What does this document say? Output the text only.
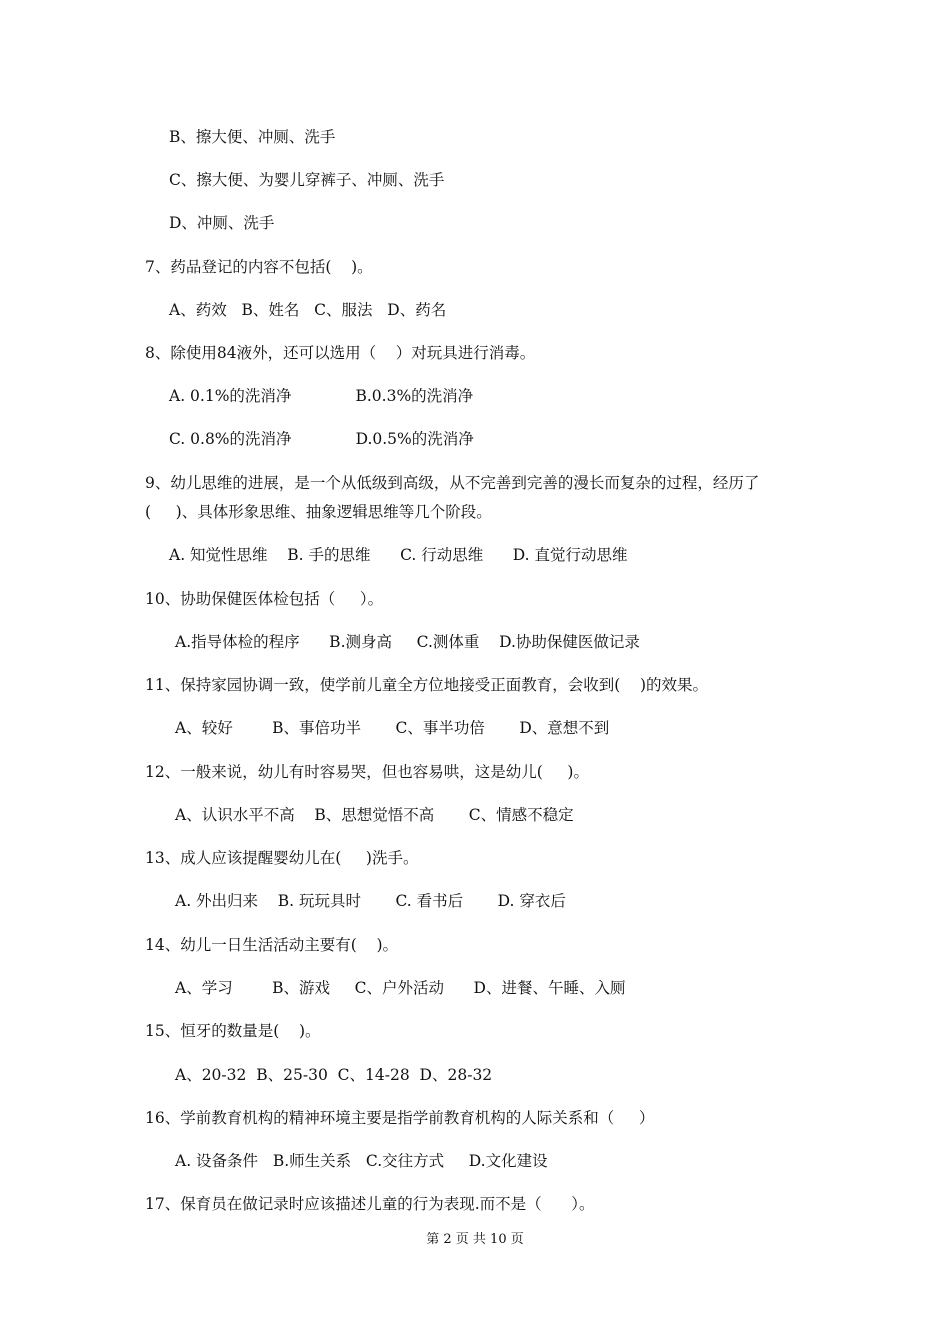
B、擦大便、冲厕、洗手
C、擦大便、为婴儿穿裤子、冲厕、洗手
D、冲厕、洗手
7、药品登记的内容不包括(    )。
A、药效   B、姓名   C、服法   D、药名
8、除使用84液外，还可以选用（    ）对玩具进行消毒。
A. 0.1%的洗消净             B.0.3%的洗消净
C. 0.8%的洗消净             D.0.5%的洗消净
9、幼儿思维的进展，是一个从低级到高级，从不完善到完善的漫长而复杂的过程，经历了
(     )、具体形象思维、抽象逻辑思维等几个阶段。
A. 知觉性思维    B. 手的思维      C. 行动思维      D. 直觉行动思维
10、协助保健医体检包括（     ）。
A.指导体检的程序      B.测身高     C.测体重    D.协助保健医做记录
11、保持家园协调一致，使学前儿童全方位地接受正面教育，会收到(    )的效果。
A、较好        B、事倍功半       C、事半功倍       D、意想不到
12、一般来说，幼儿有时容易哭，但也容易哄，这是幼儿(     )。
A、认识水平不高    B、思想觉悟不高       C、情感不稳定
13、成人应该提醒婴幼儿在(     )洗手。
A. 外出归来    B. 玩玩具时       C. 看书后       D. 穿衣后
14、幼儿一日生活活动主要有(    )。
A、学习        B、游戏     C、户外活动      D、进餐、午睡、入厕
15、恒牙的数量是(    )。
A、20-32  B、25-30  C、14-28  D、28-32
16、学前教育机构的精神环境主要是指学前教育机构的人际关系和（     ）
A. 设备条件   B.师生关系   C.交往方式     D.文化建设
17、保育员在做记录时应该描述儿童的行为表现.而不是（      ）。
第 2 页 共 10 页
